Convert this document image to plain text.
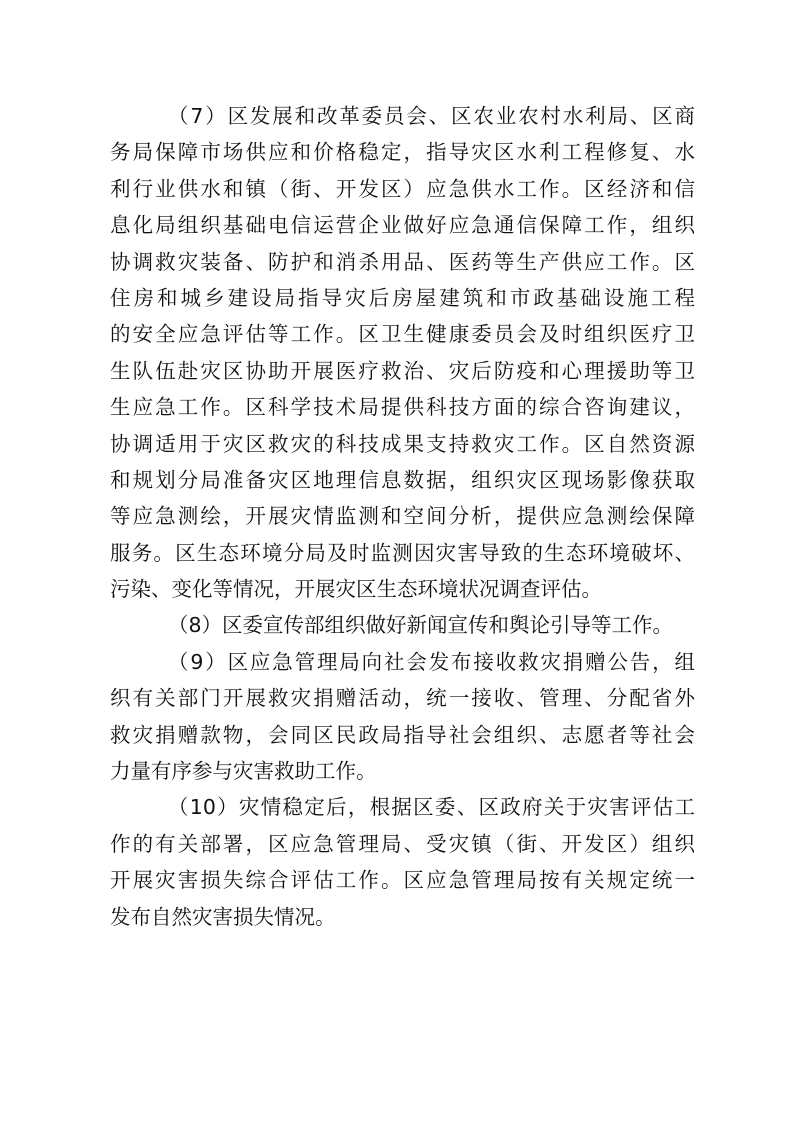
（7）区发展和改革委员会、区农业农村水利局、区商
务局保障市场供应和价格稳定，指导灾区水利工程修复、水
利行业供水和镇（街、开发区）应急供水工作。区经济和信
息化局组织基础电信运营企业做好应急通信保障工作，组织
协调救灾装备、防护和消杀用品、医药等生产供应工作。区
住房和城乡建设局指导灾后房屋建筑和市政基础设施工程
的安全应急评估等工作。区卫生健康委员会及时组织医疗卫
生队伍赴灾区协助开展医疗救治、灾后防疫和心理援助等卫
生应急工作。区科学技术局提供科技方面的综合咨询建议，
协调适用于灾区救灾的科技成果支持救灾工作。区自然资源
和规划分局准备灾区地理信息数据，组织灾区现场影像获取
等应急测绘，开展灾情监测和空间分析，提供应急测绘保障
服务。区生态环境分局及时监测因灾害导致的生态环境破坏、
污染、变化等情况，开展灾区生态环境状况调查评估。
（8）区委宣传部组织做好新闻宣传和舆论引导等工作。
（9）区应急管理局向社会发布接收救灾捐赠公告，组
织有关部门开展救灾捐赠活动，统一接收、管理、分配省外
救灾捐赠款物，会同区民政局指导社会组织、志愿者等社会
力量有序参与灾害救助工作。
（10）灾情稳定后，根据区委、区政府关于灾害评估工
作的有关部署，区应急管理局、受灾镇（街、开发区）组织
开展灾害损失综合评估工作。区应急管理局按有关规定统一
发布自然灾害损失情况。
